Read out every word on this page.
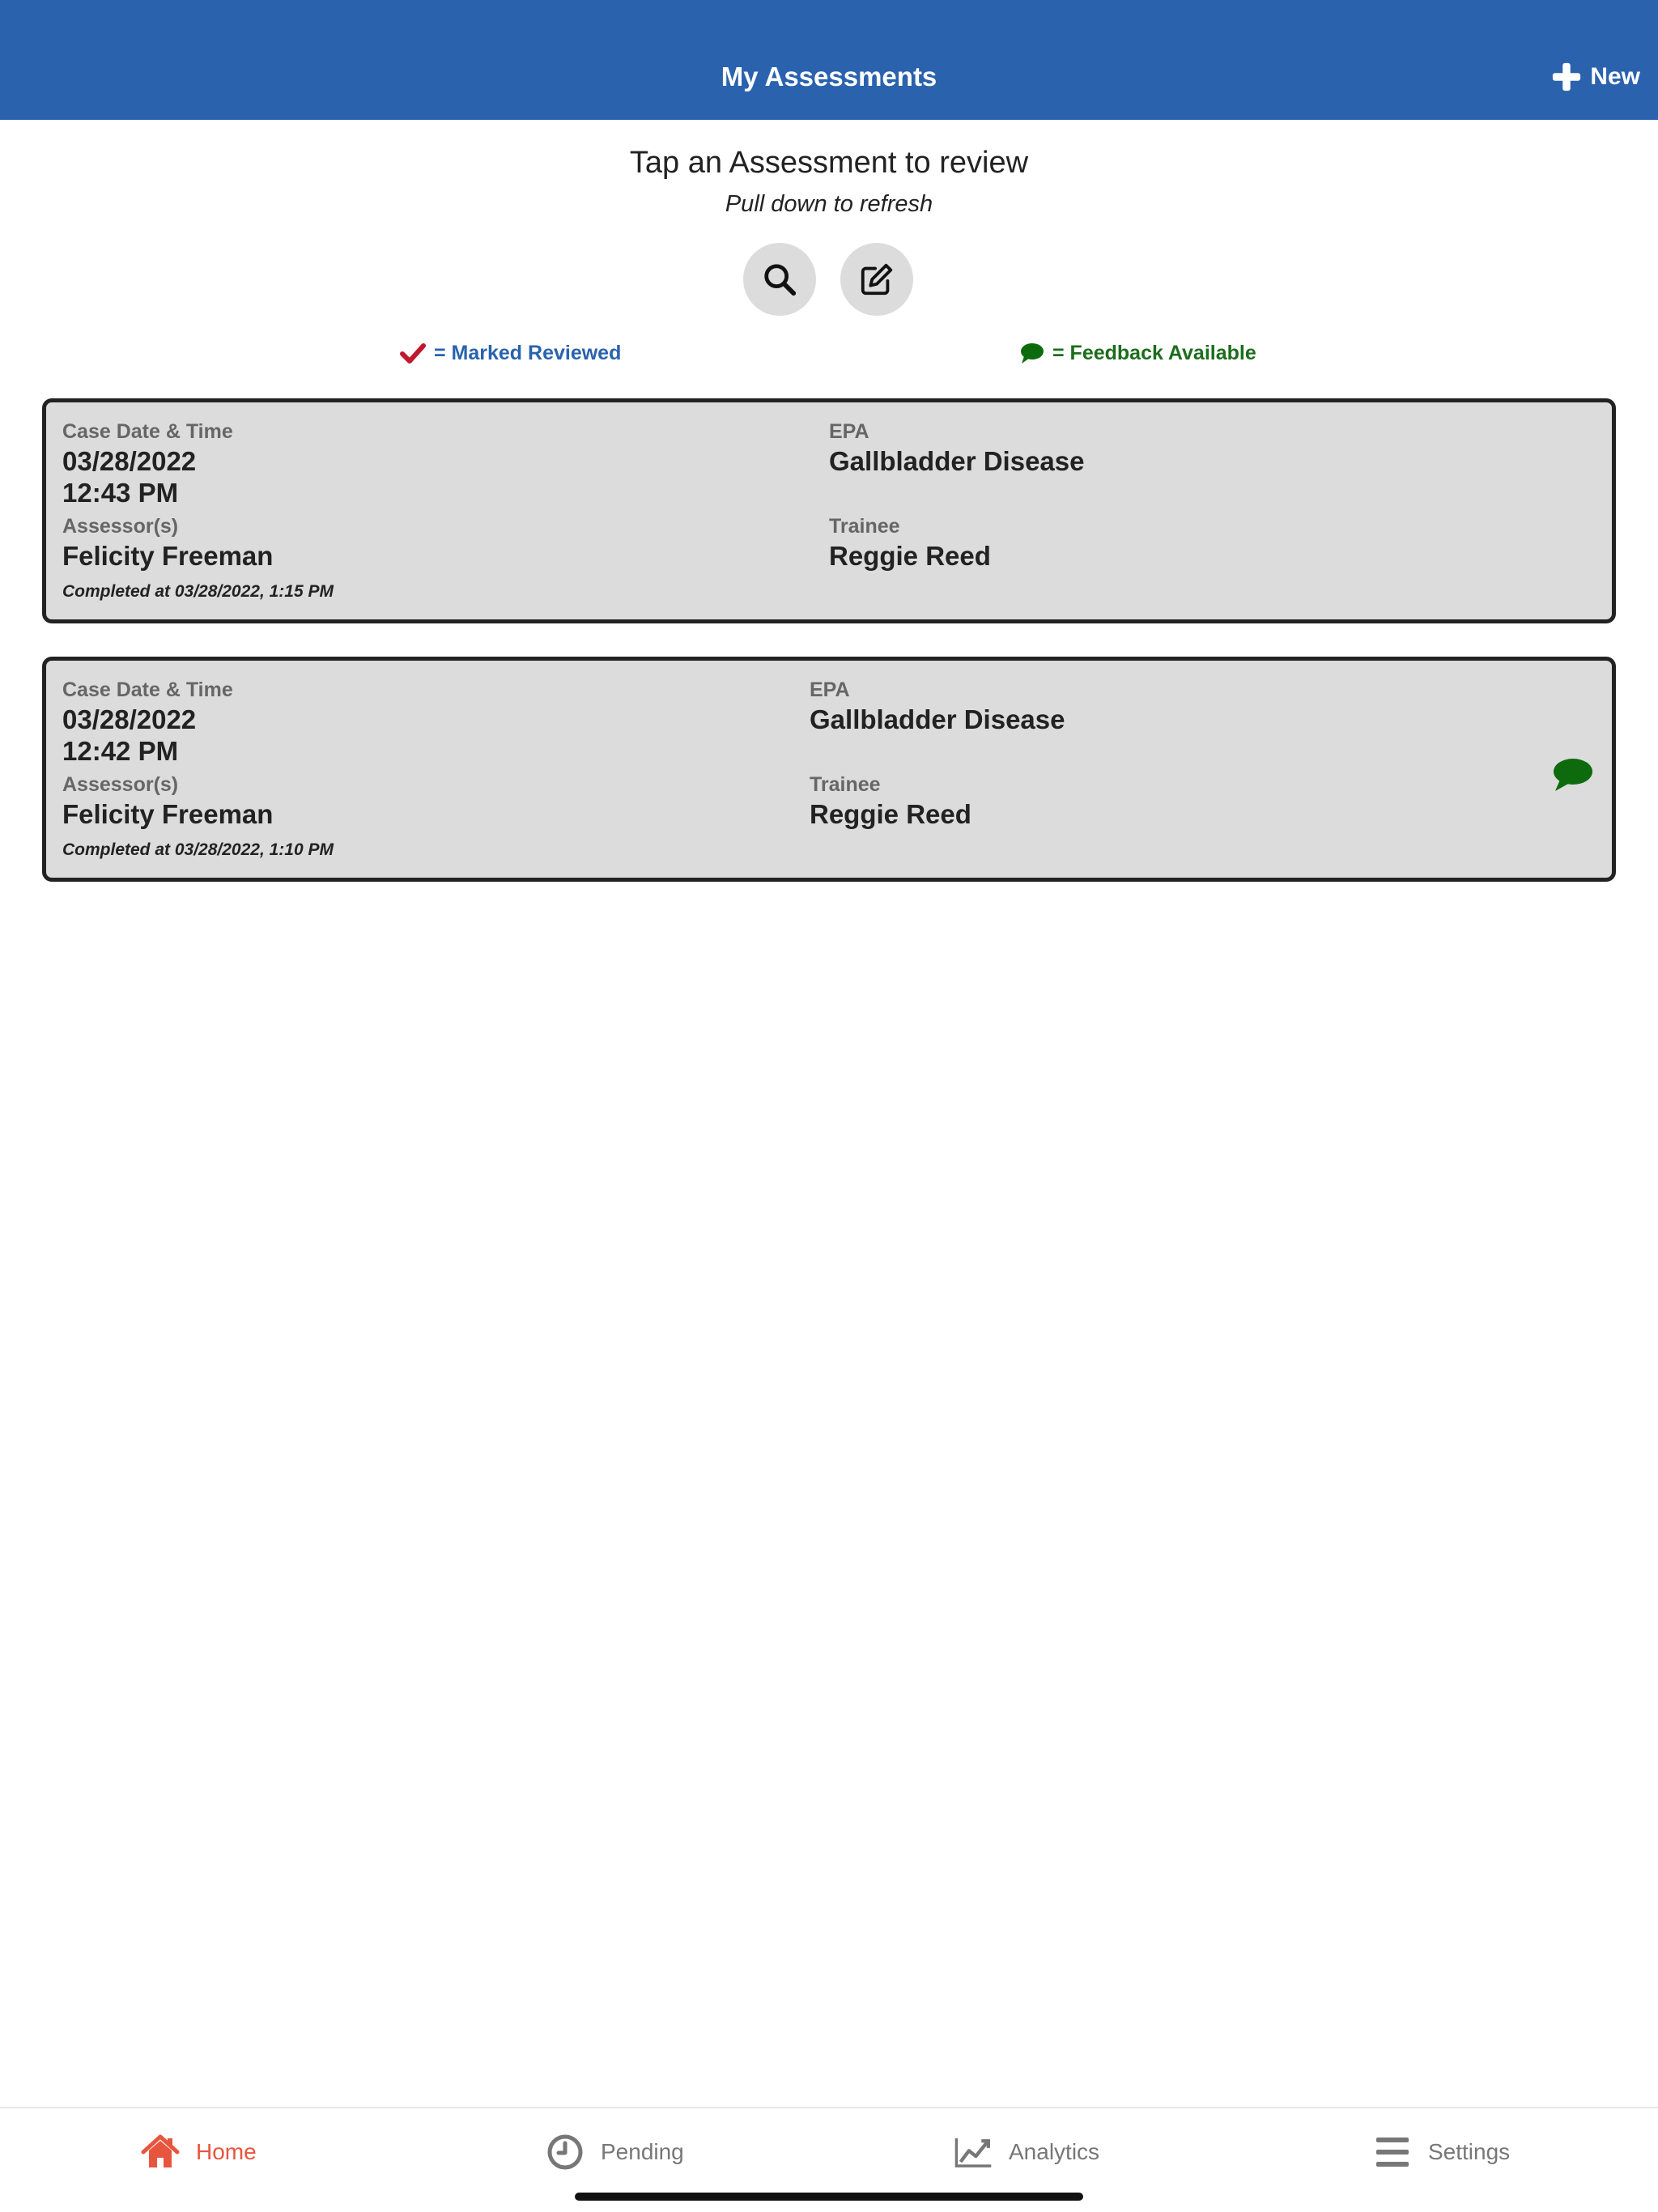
My Assessments	New
Tap an Assessment to review
Pull down to refresh
= Marked Reviewed	= Feedback Available
Case Date & Time
03/28/2022
12:43 PM
Assessor(s)
Felicity Freeman
Completed at 03/28/2022, 1:15 PM
EPA
Gallbladder Disease
Trainee
Reggie Reed
Case Date & Time
03/28/2022
12:42 PM
Assessor(s)
Felicity Freeman
Completed at 03/28/2022, 1:10 PM
EPA
Gallbladder Disease
Trainee
Reggie Reed
Home	Pending	Analytics	Settings
